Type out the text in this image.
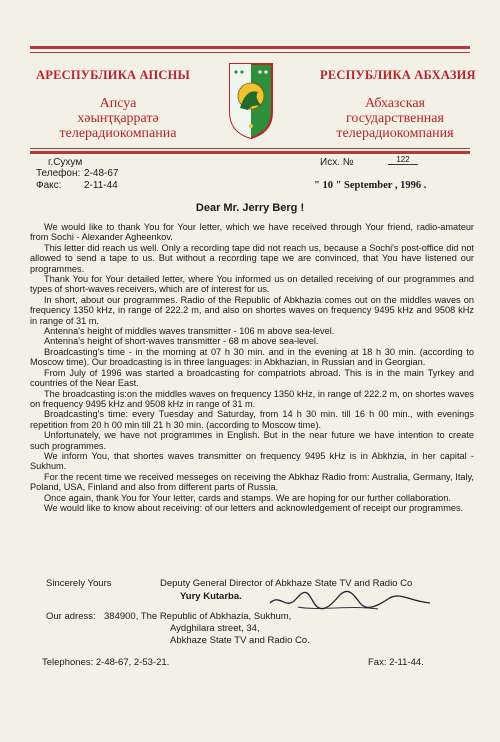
АРЕСПУБЛИКА АПСНЫ
Апсуа
хәынҭқарратә
телерадиокомпаниа
РЕСПУБЛИКА АБХАЗИЯ
Абхазская
государственная
телерадиокомпания
г.Сухум
Телефон: 2-48-67
Факс: 2-11-44
Исх. №	122
" 10 " September , 1996 .
Dear Mr. Jerry Berg !

We would like to thank You for Your letter, which we have received through Your friend, radio-amateur from Sochi - Alexander Agheenkov.

This letter did reach us well. Only a recording tape did not reach us, because a Sochi's post-office did not allowed to send a tape to us. But without a recording tape we are convinced, that You have listened our programmes.

Thank You for Your detailed letter, where You informed us on detailed receiving of our programmes and types of short-waves receivers, which are of interest for us.

In short, about our programmes. Radio of the Republic of Abkhazia comes out on the middles waves on frequency 1350 kHz, in range of 222.2 m, and also on shortes waves on frequency 9495 kHz and 9508 kHz in range of 31 m.

Antenna's height of middles waves transmitter - 106 m above sea-level.

Antenna's height of short-waves transmitter - 68 m above sea-level.

Broadcasting's time - in the morning at 07 h 30 min. and in the evening at 18 h 30 min. (according to Moscow time). Our broadcasting is in three languages: in Abkhazian, in Russian and in Georgian.

From July of 1996 was started a broadcasting for compatriots abroad. This is in the main Tyrkey and countries of the Near East.

The broadcasting is:on the middles waves on frequency 1350 kHz, in range of 222.2 m, on shortes waves on frequency 9495 kHz and 9508 kHz in range of 31 m.

Broadcasting's time: every Tuesday and Saturday, from 14 h 30 min. till 16 h 00 min., with evenings repetition from 20 h 00 min till 21 h 30 min. (according to Moscow time).

Unfortunately, we have not programmes in English. But in the near future we have intention to create such programmes.

We inform You, that shortes waves transmitter on frequency 9495 kHz is in Abkhzia, in her capital - Sukhum.

For the recent time we received messeges on receiving the Abkhaz Radio from: Australia, Germany, Italy, Poland, USA, Finland and also from different parts of Russia.

Once again, thank You for Your letter, cards and stamps. We are hoping for our further collaboration.

We would like to know about receiving: of our letters and acknowledgement of receipt our programmes.

Sincerely Yours	Deputy General Director of Abkhaze State TV and Radio Co
Yury Kutarba.
Our adress: 384900, The Republic of Abkhazia, Sukhum,
Aydghilara street, 34,
Abkhaze State TV and Radio Co.
Telephones: 2-48-67, 2-53-21.	Fax: 2-11-44.
